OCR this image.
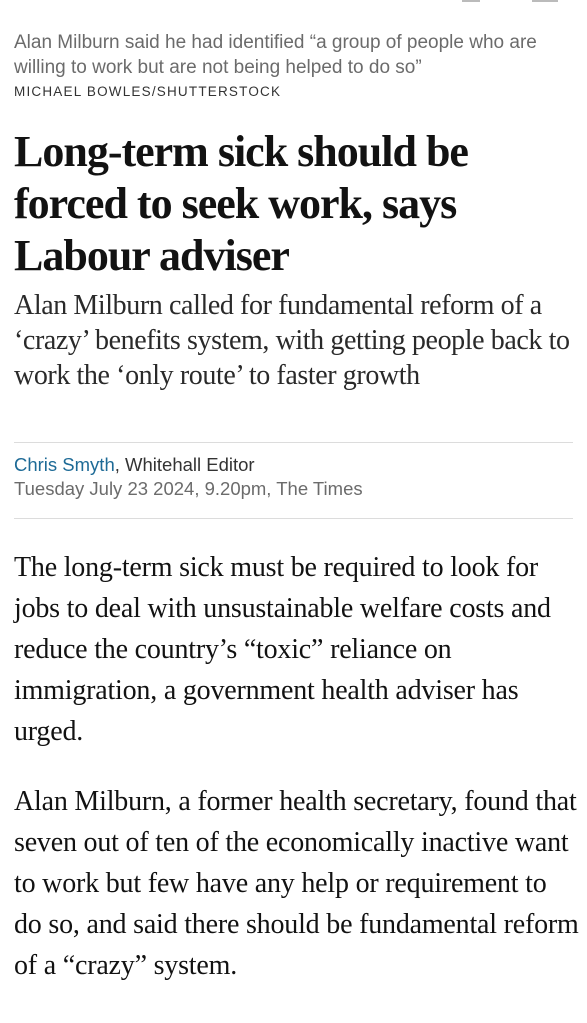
Alan Milburn said he had identified “a group of people who are willing to work but are not being helped to do so”
MICHAEL BOWLES/SHUTTERSTOCK
Long-term sick should be forced to seek work, says Labour adviser

Alan Milburn called for fundamental reform of a ‘crazy’ benefits system, with getting people back to work the ‘only route’ to faster growth

Chris Smyth, Whitehall Editor
Tuesday July 23 2024, 9.20pm, The Times

The long-term sick must be required to look for jobs to deal with unsustainable welfare costs and reduce the country’s “toxic” reliance on immigration, a government health adviser has urged.

Alan Milburn, a former health secretary, found that seven out of ten of the economically inactive want to work but few have any help or requirement to do so, and said there should be fundamental reform of a “crazy” system.
